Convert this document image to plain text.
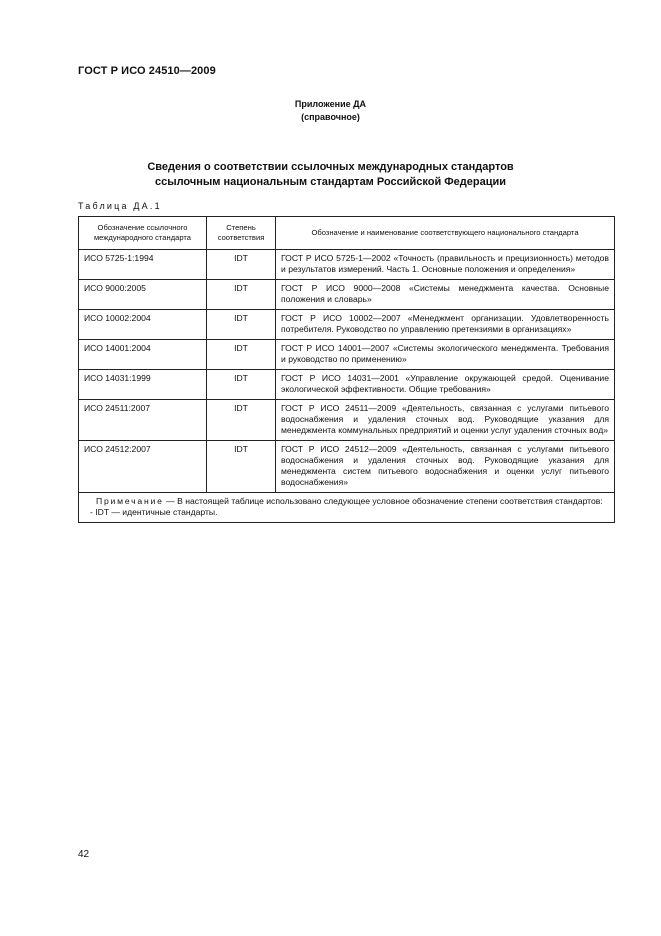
ГОСТ Р ИСО 24510—2009
Приложение ДА
(справочное)
Сведения о соответствии ссылочных международных стандартов
ссылочным национальным стандартам Российской Федерации
Таблица ДА.1
Обозначение ссылочного международного стандарта	Степень соответствия	Обозначение и наименование соответствующего национального стандарта
ИСО 5725-1:1994	IDT	ГОСТ Р ИСО 5725-1—2002 «Точность (правильность и прецизионность) методов и результатов измерений. Часть 1. Основные положения и определения»
ИСО 9000:2005	IDT	ГОСТ Р ИСО 9000—2008 «Системы менеджмента качества. Основные положения и словарь»
ИСО 10002:2004	IDT	ГОСТ Р ИСО 10002—2007 «Менеджмент организации. Удовлетворенность потребителя. Руководство по управлению претензиями в организациях»
ИСО 14001:2004	IDT	ГОСТ Р ИСО 14001—2007 «Системы экологического менеджмента. Требования и руководство по применению»
ИСО 14031:1999	IDT	ГОСТ Р ИСО 14031—2001 «Управление окружающей средой. Оценивание экологической эффективности. Общие требования»
ИСО 24511:2007	IDT	ГОСТ Р ИСО 24511—2009 «Деятельность, связанная с услугами питьевого водоснабжения и удаления сточных вод. Руководящие указания для менеджмента коммунальных предприятий и оценки услуг удаления сточных вод»
ИСО 24512:2007	IDT	ГОСТ Р ИСО 24512—2009 «Деятельность, связанная с услугами питьевого водоснабжения и удаления сточных вод. Руководящие указания для менеджмента систем питьевого водоснабжения и оценки услуг питьевого водоснабжения»

Примечание — В настоящей таблице использовано следующее условное обозначение степени соответствия стандартов:
- IDT — идентичные стандарты.		
42
